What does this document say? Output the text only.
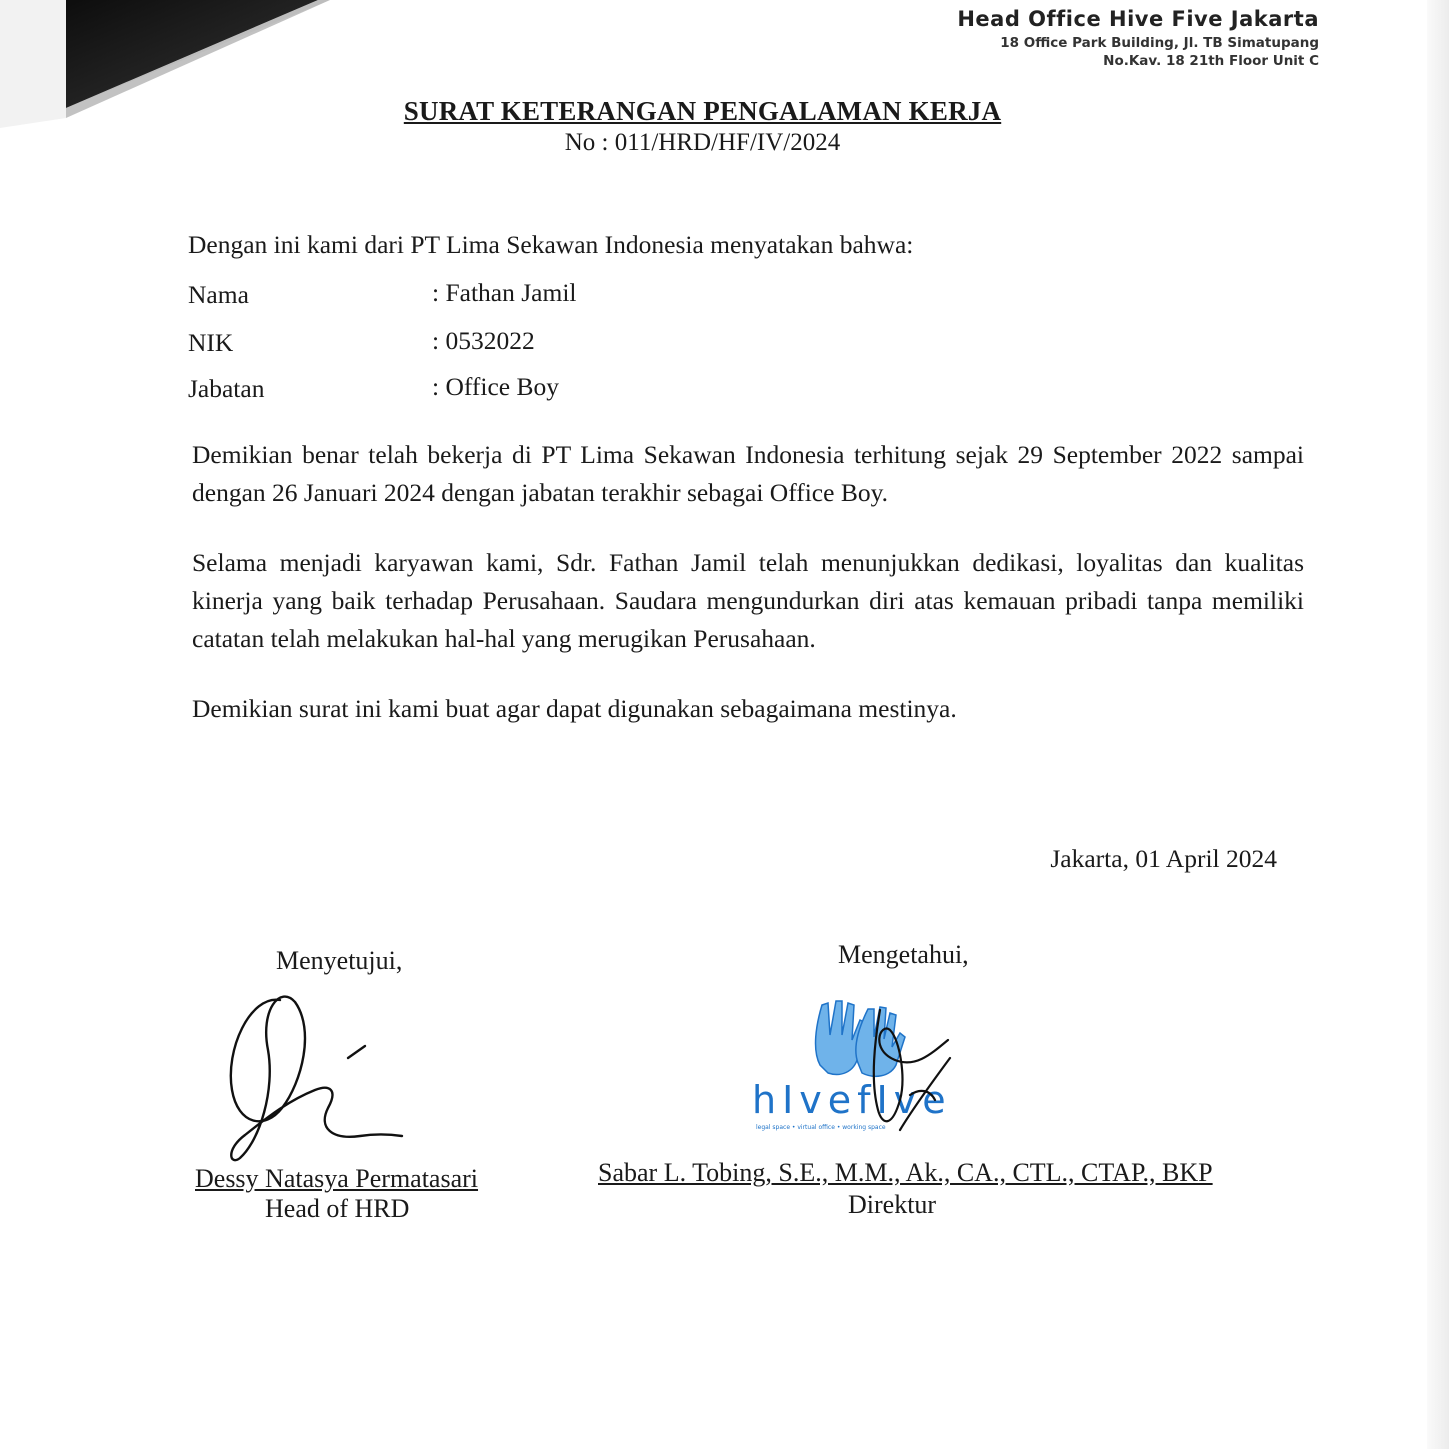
Head Office Hive Five Jakarta
18 Office Park Building, Jl. TB Simatupang
No.Kav. 18 21th Floor Unit C
SURAT KETERANGAN PENGALAMAN KERJA
No : 011/HRD/HF/IV/2024
Dengan ini kami dari PT Lima Sekawan Indonesia menyatakan bahwa:
Nama	: Fathan Jamil
NIK	: 0532022
Jabatan	: Office Boy
Demikian benar telah bekerja di PT Lima Sekawan Indonesia terhitung sejak 29 September 2022 sampai dengan 26 Januari 2024 dengan jabatan terakhir sebagai Office Boy.
Selama menjadi karyawan kami, Sdr. Fathan Jamil telah menunjukkan dedikasi, loyalitas dan kualitas kinerja yang baik terhadap Perusahaan. Saudara mengundurkan diri atas kemauan pribadi tanpa memiliki catatan telah melakukan hal-hal yang merugikan Perusahaan.
Demikian surat ini kami buat agar dapat digunakan sebagaimana mestinya.
Jakarta, 01 April 2024
Menyetujui,
Dessy Natasya Permatasari
Head of HRD
Mengetahui,
hIvefIve
legal space • virtual office • working space
Sabar L. Tobing, S.E., M.M., Ak., CA., CTL., CTAP., BKP
Direktur
